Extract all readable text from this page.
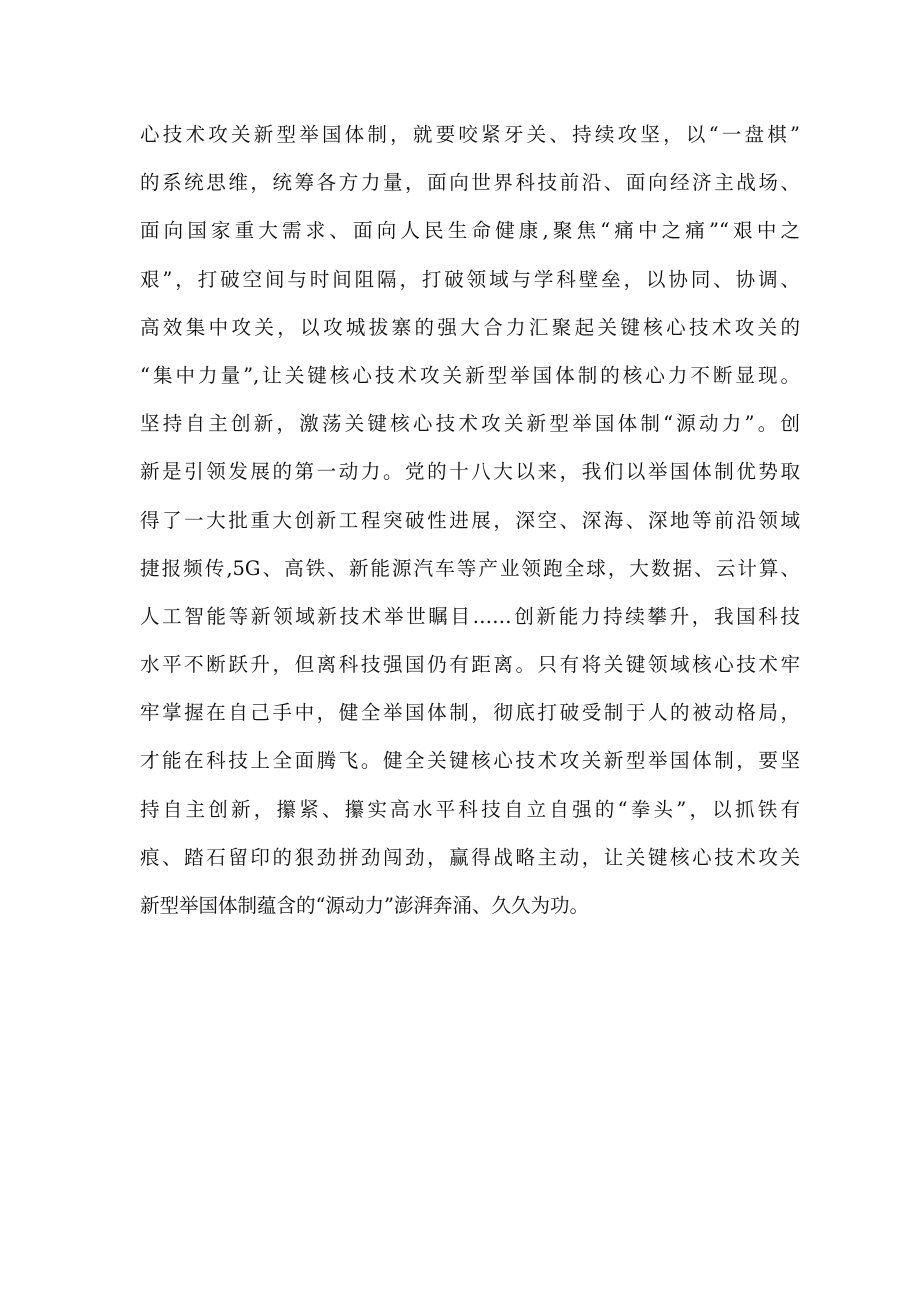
心技术攻关新型举国体制，就要咬紧牙关、持续攻坚，以“一盘棋”
的系统思维，统筹各方力量，面向世界科技前沿、面向经济主战场、
面向国家重大需求、面向人民生命健康,聚焦“痛中之痛”“艰中之
艰”，打破空间与时间阻隔，打破领域与学科壁垒，以协同、协调、
高效集中攻关，以攻城拔寨的强大合力汇聚起关键核心技术攻关的
“集中力量”,让关键核心技术攻关新型举国体制的核心力不断显现。
坚持自主创新，激荡关键核心技术攻关新型举国体制“源动力”。创
新是引领发展的第一动力。党的十八大以来，我们以举国体制优势取
得了一大批重大创新工程突破性进展，深空、深海、深地等前沿领域
捷报频传,5G、高铁、新能源汽车等产业领跑全球，大数据、云计算、
人工智能等新领域新技术举世瞩目……创新能力持续攀升，我国科技
水平不断跃升，但离科技强国仍有距离。只有将关键领域核心技术牢
牢掌握在自己手中，健全举国体制，彻底打破受制于人的被动格局，
才能在科技上全面腾飞。健全关键核心技术攻关新型举国体制，要坚
持自主创新，攥紧、攥实高水平科技自立自强的“拳头”，以抓铁有
痕、踏石留印的狠劲拼劲闯劲，赢得战略主动，让关键核心技术攻关
新型举国体制蕴含的“源动力”澎湃奔涌、久久为功。
